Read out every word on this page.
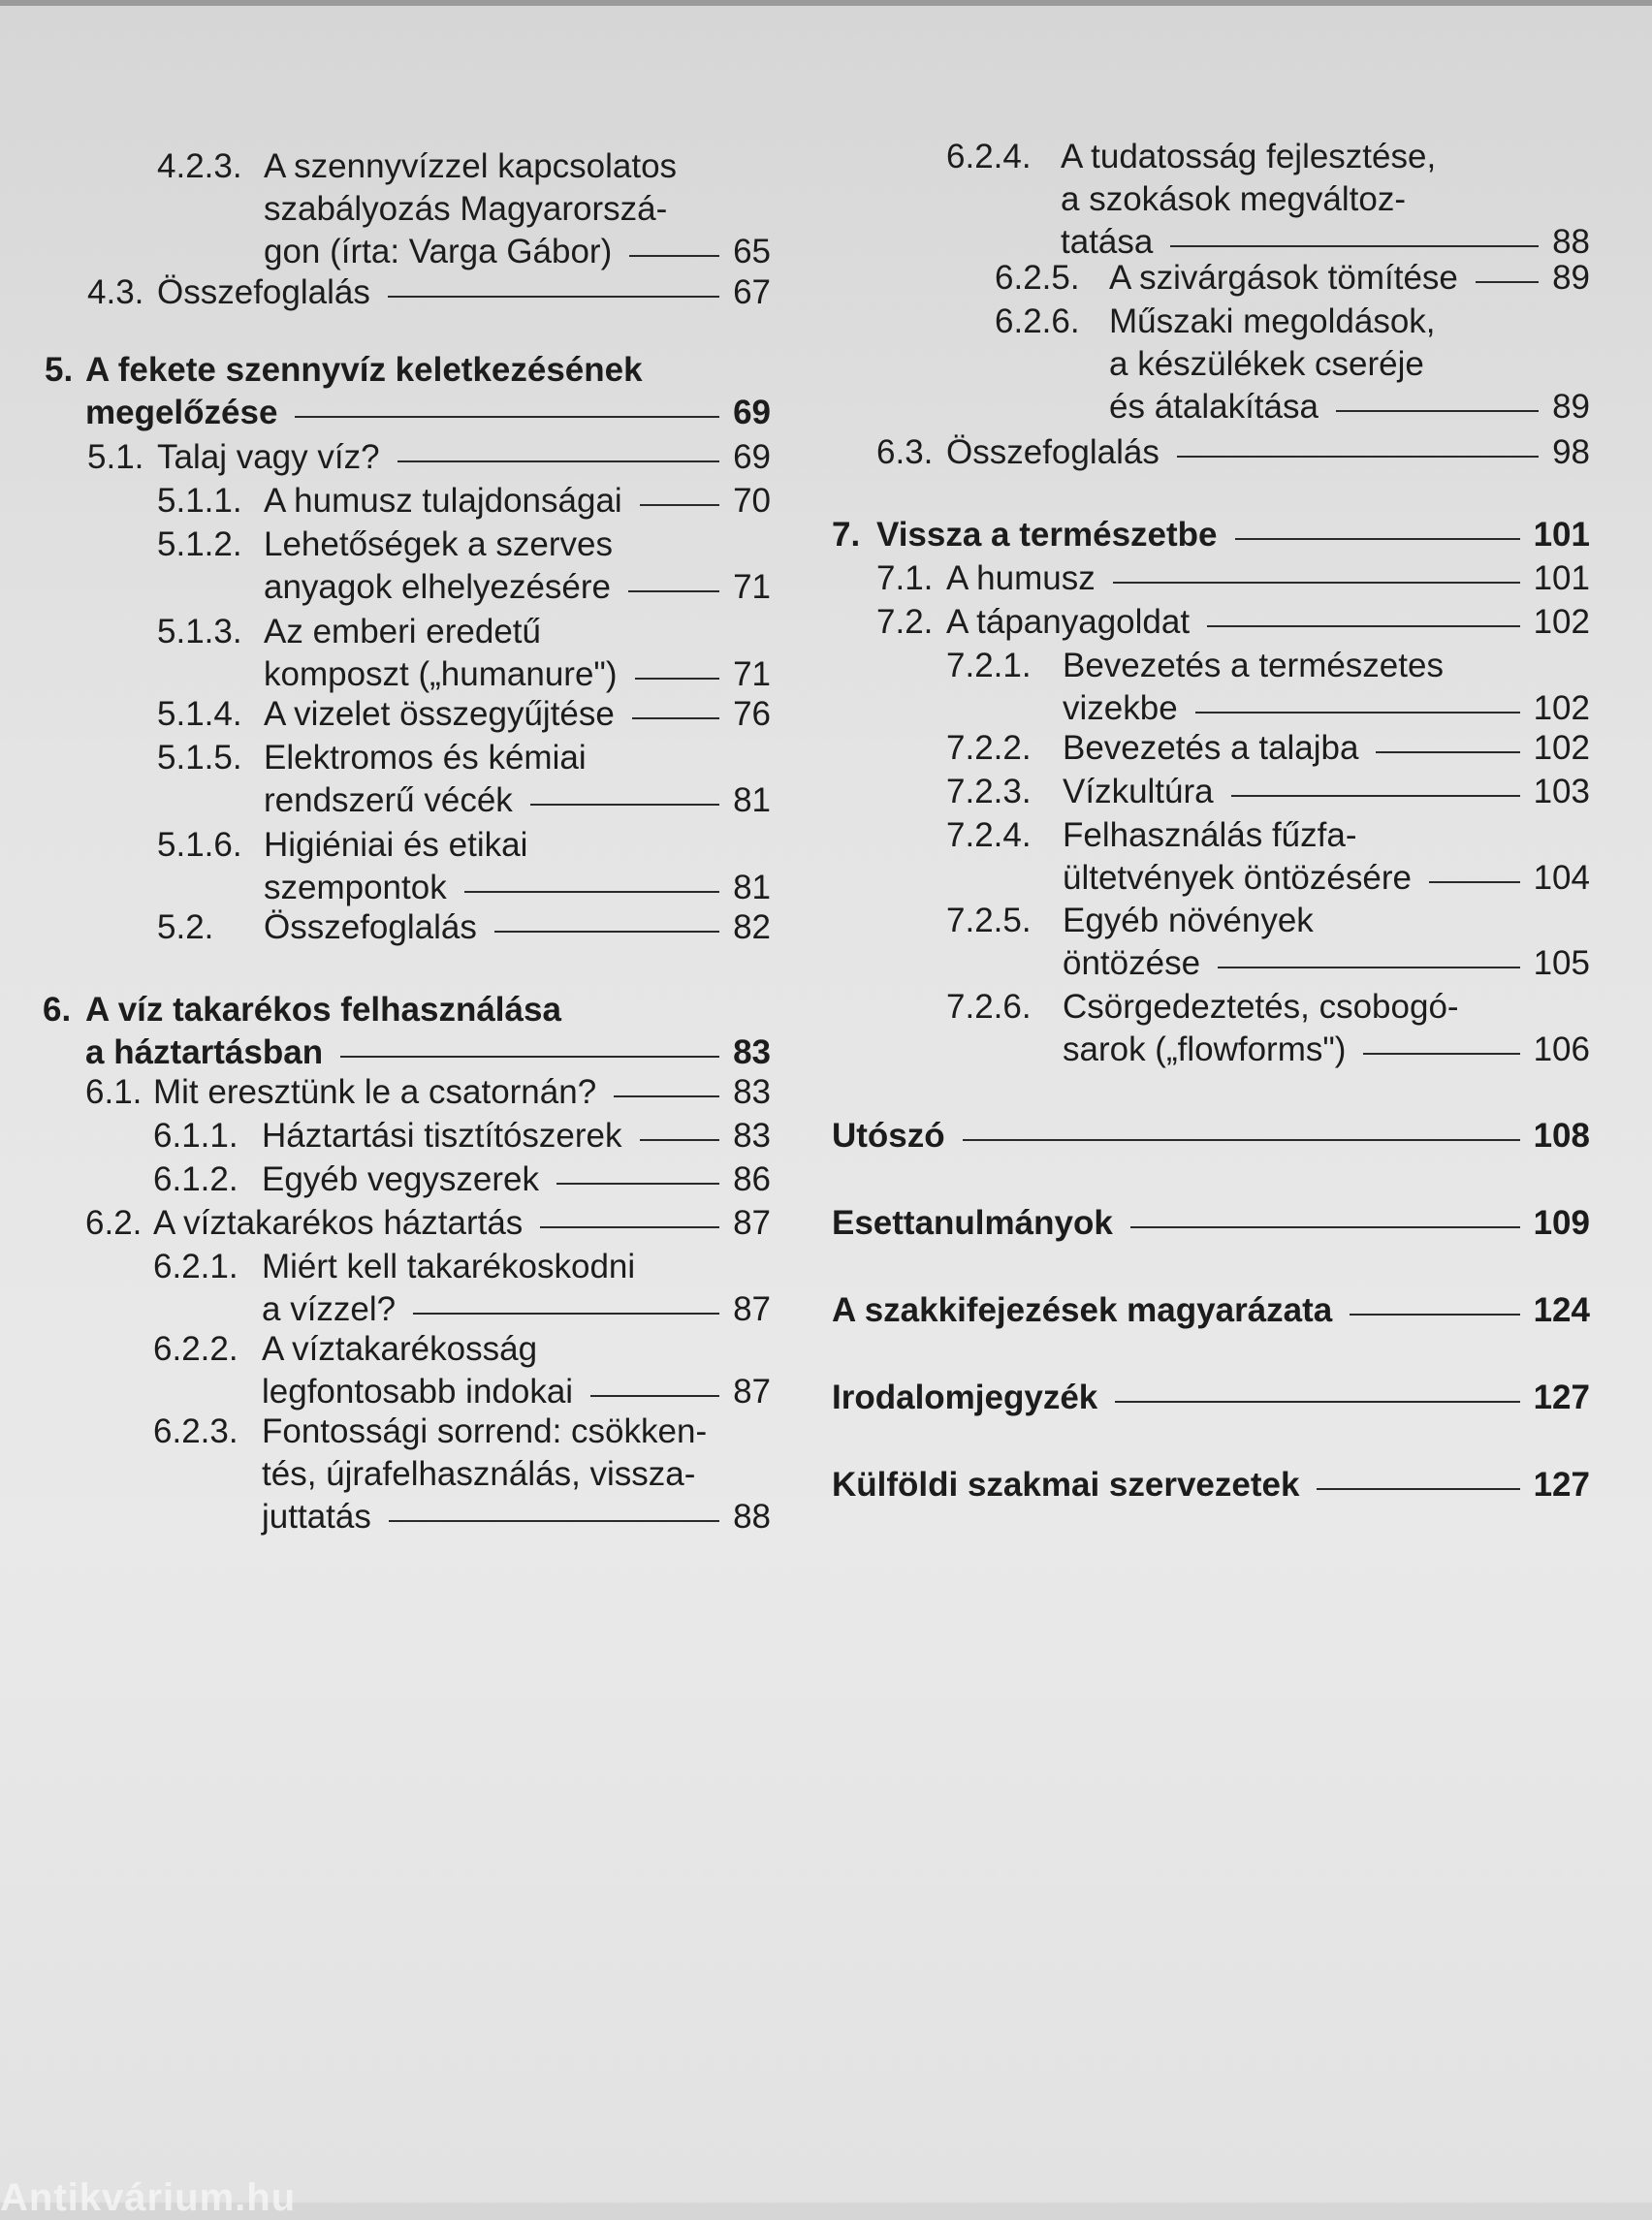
4.2.3. A szennyvízzel kapcsolatos
szabályozás Magyarorszá-
gon (írta: Varga Gábor)	65
4.3. Összefoglalás	67
5. A fekete szennyvíz keletkezésének
megelőzése	69
5.1. Talaj vagy víz?	69
5.1.1. A humusz tulajdonságai	70
5.1.2. Lehetőségek a szerves
anyagok elhelyezésére	71
5.1.3. Az emberi eredetű
komposzt („humanure")	71
5.1.4. A vizelet összegyűjtése	76
5.1.5. Elektromos és kémiai
rendszerű vécék	81
5.1.6. Higiéniai és etikai
szempontok	81
5.2. Összefoglalás	82
6. A víz takarékos felhasználása
a háztartásban	83
6.1. Mit eresztünk le a csatornán?	83
6.1.1. Háztartási tisztítószerek	83
6.1.2. Egyéb vegyszerek	86
6.2. A víztakarékos háztartás	87
6.2.1. Miért kell takarékoskodni
a vízzel?	87
6.2.2. A víztakarékosság
legfontosabb indokai	87
6.2.3. Fontossági sorrend: csökken-
tés, újrafelhasználás, vissza-
juttatás	88
6.2.4. A tudatosság fejlesztése,
a szokások megváltoz-
tatása	88
6.2.5. A szivárgások tömítése	89
6.2.6. Műszaki megoldások,
a készülékek cseréje
és átalakítása	89
6.3. Összefoglalás	98
7. Vissza a természetbe	101
7.1. A humusz	101
7.2. A tápanyagoldat	102
7.2.1. Bevezetés a természetes
vizekbe	102
7.2.2. Bevezetés a talajba	102
7.2.3. Vízkultúra	103
7.2.4. Felhasználás fűzfa-
ültetvények öntözésére	104
7.2.5. Egyéb növények
öntözése	105
7.2.6. Csörgedeztetés, csobogó-
sarok („flowforms")	106
Utószó	108
Esettanulmányok	109
A szakkifejezések magyarázata	124
Irodalomjegyzék	127
Külföldi szakmai szervezetek	127
Antikvárium.hu
